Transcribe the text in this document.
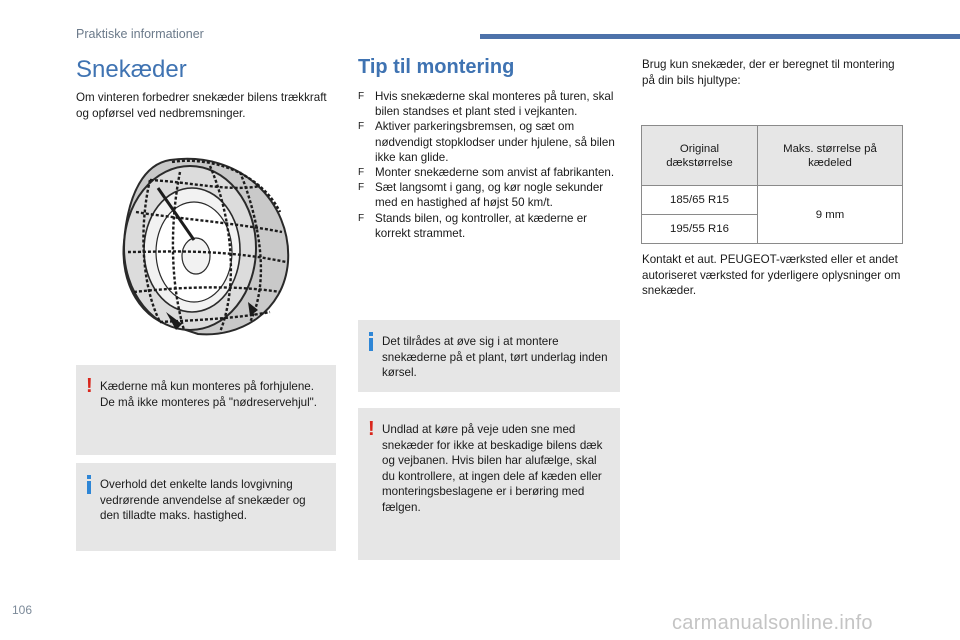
Praktiske informationer
Snekæder
Om vinteren forbedrer snekæder bilens trækkraft og opførsel ved nedbremsninger.
! Kæderne må kun monteres på forhjulene. De må ikke monteres på "nødreservehjul".
Overhold det enkelte lands lovgivning vedrørende anvendelse af snekæder og den tilladte maks. hastighed.
Tip til montering
F Hvis snekæderne skal monteres på turen, skal bilen standses et plant sted i vejkanten.
F Aktiver parkeringsbremsen, og sæt om nødvendigt stopklodser under hjulene, så bilen ikke kan glide.
F Monter snekæderne som anvist af fabrikanten.
F Sæt langsomt i gang, og kør nogle sekunder med en hastighed af højst 50 km/t.
F Stands bilen, og kontroller, at kæderne er korrekt strammet.
Det tilrådes at øve sig i at montere snekæderne på et plant, tørt underlag inden kørsel.
! Undlad at køre på veje uden sne med snekæder for ikke at beskadige bilens dæk og vejbanen. Hvis bilen har alufælge, skal du kontrollere, at ingen dele af kæden eller monteringsbeslagene er i berøring med fælgen.
Brug kun snekæder, der er beregnet til montering på din bils hjultype:
Original dækstørrelse	Maks. størrelse på kædeled
185/65 R15	9 mm
195/55 R16	
Kontakt et aut. PEUGEOT-værksted eller et andet autoriseret værksted for yderligere oplysninger om snekæder.
106
carmanualsonline.info
